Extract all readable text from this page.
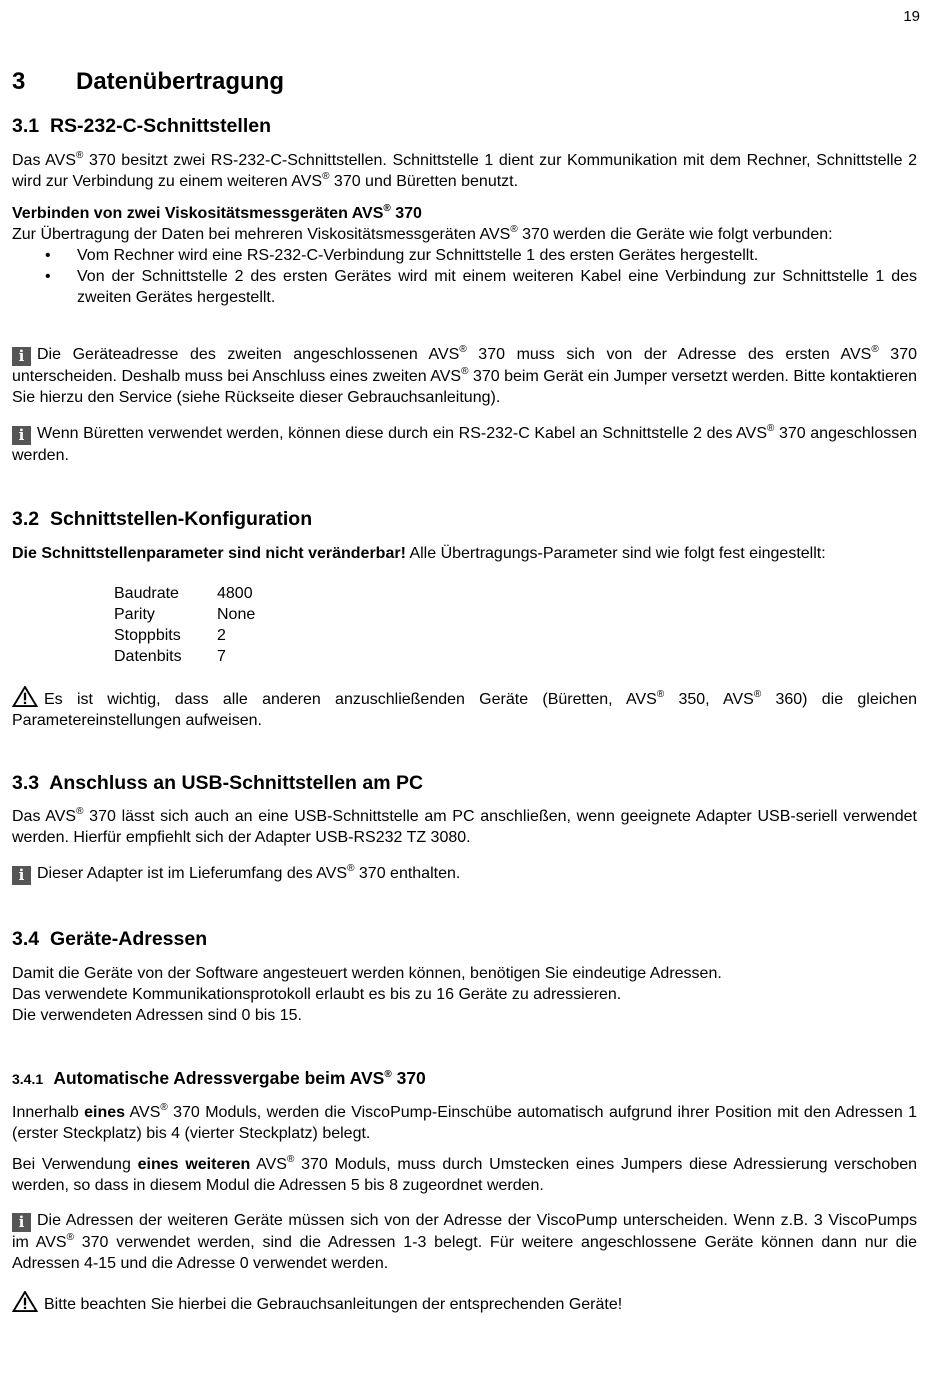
19
3 Datenübertragung
3.1 RS-232-C-Schnittstellen
Das AVS® 370 besitzt zwei RS-232-C-Schnittstellen. Schnittstelle 1 dient zur Kommunikation mit dem Rechner, Schnittstelle 2 wird zur Verbindung zu einem weiteren AVS® 370 und Büretten benutzt.
Verbinden von zwei Viskositätsmessgeräten AVS® 370
Zur Übertragung der Daten bei mehreren Viskositätsmessgeräten AVS® 370 werden die Geräte wie folgt verbunden:
• Vom Rechner wird eine RS-232-C-Verbindung zur Schnittstelle 1 des ersten Gerätes hergestellt.
• Von der Schnittstelle 2 des ersten Gerätes wird mit einem weiteren Kabel eine Verbindung zur Schnittstelle 1 des zweiten Gerätes hergestellt.
i Die Geräteadresse des zweiten angeschlossenen AVS® 370 muss sich von der Adresse des ersten AVS® 370 unterscheiden. Deshalb muss bei Anschluss eines zweiten AVS® 370 beim Gerät ein Jumper versetzt werden. Bitte kontaktieren Sie hierzu den Service (siehe Rückseite dieser Gebrauchsanleitung).
i Wenn Büretten verwendet werden, können diese durch ein RS-232-C Kabel an Schnittstelle 2 des AVS® 370 angeschlossen werden.
3.2 Schnittstellen-Konfiguration
Die Schnittstellenparameter sind nicht veränderbar! Alle Übertragungs-Parameter sind wie folgt fest eingestellt:
Baudrate	4800
Parity	None
Stoppbits	2
Datenbits	7
Es ist wichtig, dass alle anderen anzuschließenden Geräte (Büretten, AVS® 350, AVS® 360) die gleichen Parametereinstellungen aufweisen.
3.3 Anschluss an USB-Schnittstellen am PC
Das AVS® 370 lässt sich auch an eine USB-Schnittstelle am PC anschließen, wenn geeignete Adapter USB-seriell verwendet werden. Hierfür empfiehlt sich der Adapter USB-RS232 TZ 3080.
i Dieser Adapter ist im Lieferumfang des AVS® 370 enthalten.
3.4 Geräte-Adressen
Damit die Geräte von der Software angesteuert werden können, benötigen Sie eindeutige Adressen.
Das verwendete Kommunikationsprotokoll erlaubt es bis zu 16 Geräte zu adressieren.
Die verwendeten Adressen sind 0 bis 15.
3.4.1 Automatische Adressvergabe beim AVS® 370
Innerhalb eines AVS® 370 Moduls, werden die ViscoPump-Einschübe automatisch aufgrund ihrer Position mit den Adressen 1 (erster Steckplatz) bis 4 (vierter Steckplatz) belegt.
Bei Verwendung eines weiteren AVS® 370 Moduls, muss durch Umstecken eines Jumpers diese Adressierung verschoben werden, so dass in diesem Modul die Adressen 5 bis 8 zugeordnet werden.
i Die Adressen der weiteren Geräte müssen sich von der Adresse der ViscoPump unterscheiden. Wenn z.B. 3 ViscoPumps im AVS® 370 verwendet werden, sind die Adressen 1-3 belegt. Für weitere angeschlossene Geräte können dann nur die Adressen 4-15 und die Adresse 0 verwendet werden.
Bitte beachten Sie hierbei die Gebrauchsanleitungen der entsprechenden Geräte!
